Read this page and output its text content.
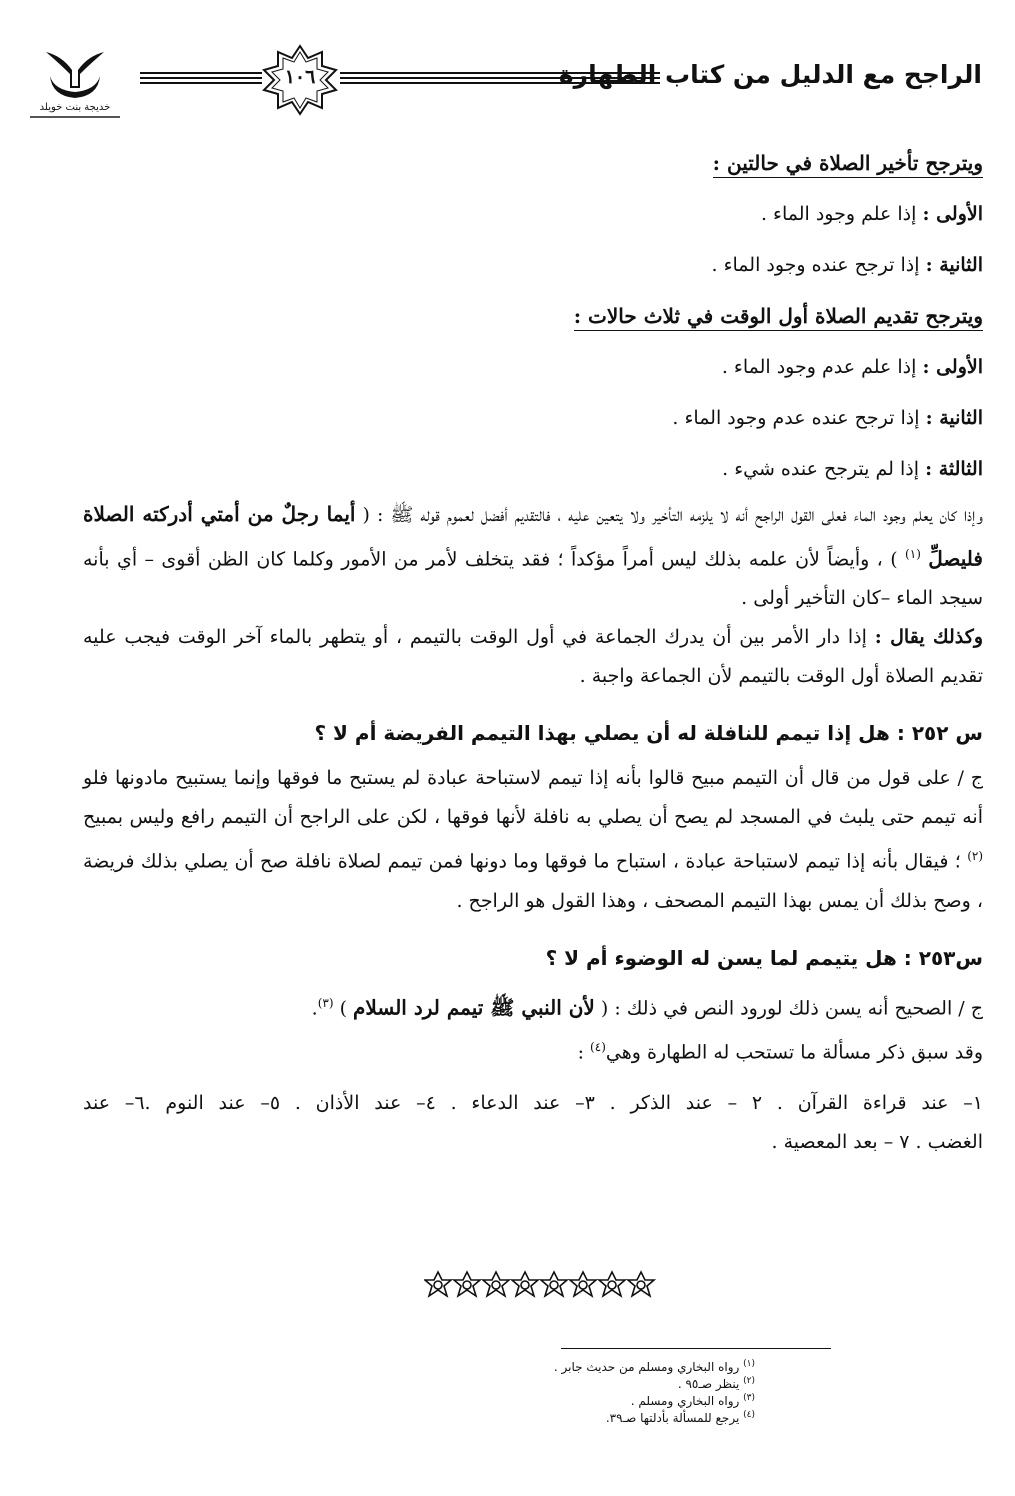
الراجح مع الدليل من كتاب الطهارة
١٠٦
خديجة بنت خويلد
ويترجح تأخير الصلاة في حالتين :
الأولى : إذا علم وجود الماء .
الثانية : إذا ترجح عنده وجود الماء .
ويترجح تقديم الصلاة أول الوقت في ثلاث حالات :
الأولى : إذا علم عدم وجود الماء .
الثانية : إذا ترجح عنده عدم وجود الماء .
الثالثة : إذا لم يترجح عنده شيء .
وإذا كان يعلم وجود الماء فعلى القول الراجح أنه لا يلزمه التأخير ولا يتعين عليه ، فالتقديم أفضل لعموم قوله ﷺ : ( أيما رجلٌ من أمتي أدركته الصلاة فليصلِّ $^{(١)}$ ) ، وأيضاً لأن علمه بذلك ليس أمراً مؤكداً ؛ فقد يتخلف لأمر من الأمور وكلما كان الظن أقوى – أي بأنه سيجد الماء –كان التأخير أولى .
وكذلك يقال : إذا دار الأمر بين أن يدرك الجماعة في أول الوقت بالتيمم ، أو يتطهر بالماء آخر الوقت فيجب عليه تقديم الصلاة أول الوقت بالتيمم لأن الجماعة واجبة .
س ٢٥٢ : هل إذا تيمم للنافلة له أن يصلي بهذا التيمم الفريضة أم لا ؟
ج / على قول من قال أن التيمم مبيح قالوا بأنه إذا تيمم لاستباحة عبادة لم يستبح ما فوقها وإنما يستبيح مادونها فلو أنه تيمم حتى يلبث في المسجد لم يصح أن يصلي به نافلة لأنها فوقها ، لكن على الراجح أن التيمم رافع وليس بمبيح $^{(٢)}$ ؛ فيقال بأنه إذا تيمم لاستباحة عبادة ، استباح ما فوقها وما دونها فمن تيمم لصلاة نافلة صح أن يصلي بذلك فريضة ، وصح بذلك أن يمس بهذا التيمم المصحف ، وهذا القول هو الراجح .
س٢٥٣ : هل يتيمم لما يسن له الوضوء أم لا ؟
ج / الصحيح أنه يسن ذلك لورود النص في ذلك : ( لأن النبي ﷺ تيمم لرد السلام ) $^{(٣)}$.
وقد سبق ذكر مسألة ما تستحب له الطهارة وهي$^{(٤)}$ :
١– عند قراءة القرآن . ٢ – عند الذكر . ٣– عند الدعاء . ٤– عند الأذان . ٥– عند النوم .٦– عند
الغضب . ٧ – بعد المعصية .
$^{(١)}$ رواه البخاري ومسلم من حديث جابر .
$^{(٢)}$ ينظر صـ٩٥ .
$^{(٣)}$ رواه البخاري ومسلم .
$^{(٤)}$ يرجع للمسألة بأدلتها صـ٣٩.
